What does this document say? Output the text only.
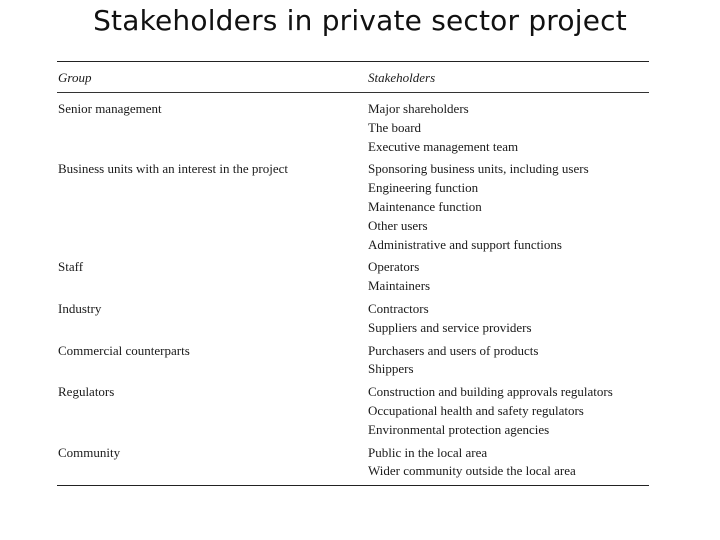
Stakeholders in private sector project
Group	Stakeholders
Senior management	Major shareholders
The board
Executive management team
Business units with an interest in the project	Sponsoring business units, including users
Engineering function
Maintenance function
Other users
Administrative and support functions
Staff	Operators
Maintainers
Industry	Contractors
Suppliers and service providers
Commercial counterparts	Purchasers and users of products
Shippers
Regulators	Construction and building approvals regulators
Occupational health and safety regulators
Environmental protection agencies
Community	Public in the local area
Wider community outside the local area
